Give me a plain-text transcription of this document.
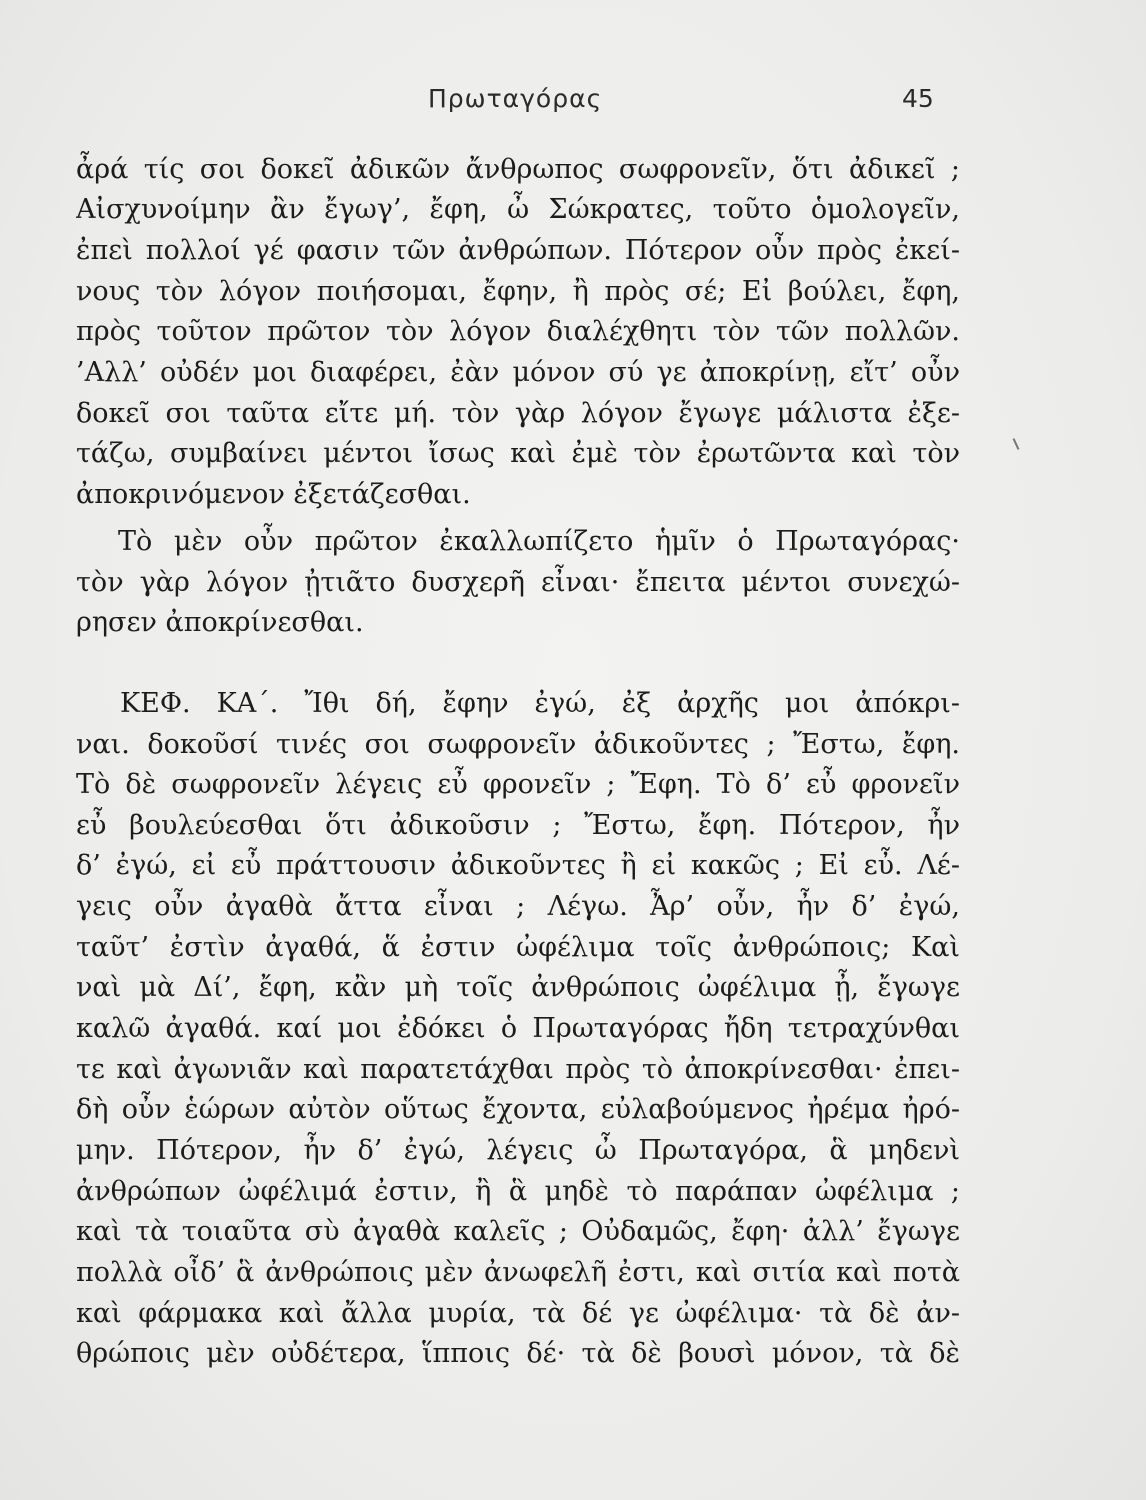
Πρωταγόρας	45
ἆρά τίς σοι δοκεῖ ἀδικῶν ἄνθρωπος σωφρονεῖν, ὅτι ἀδικεῖ ;
Αἰσχυνοίμην ἂν ἔγωγ’, ἔφη, ὦ Σώκρατες, τοῦτο ὁμολογεῖν,
ἐπεὶ πολλοί γέ φασιν τῶν ἀνθρώπων. Πότερον οὖν πρὸς ἐκεί-
νους τὸν λόγον ποιήσομαι, ἔφην, ἢ πρὸς σέ; Εἰ βούλει, ἔφη,
πρὸς τοῦτον πρῶτον τὸν λόγον διαλέχθητι τὸν τῶν πολλῶν.
’Αλλ’ οὐδέν μοι διαφέρει, ἐὰν μόνον σύ γε ἀποκρίνῃ, εἴτ’ οὖν
δοκεῖ σοι ταῦτα εἴτε μή. τὸν γὰρ λόγον ἔγωγε μάλιστα ἐξε-
τάζω, συμβαίνει μέντοι ἴσως καὶ ἐμὲ τὸν ἐρωτῶντα καὶ τὸν
ἀποκρινόμενον ἐξετάζεσθαι.
Τὸ μὲν οὖν πρῶτον ἐκαλλωπίζετο ἡμῖν ὁ Πρωταγόρας·
τὸν γὰρ λόγον ᾐτιᾶτο δυσχερῆ εἶναι· ἔπειτα μέντοι συνεχώ-
ρησεν ἀποκρίνεσθαι.
ΚΕΦ. ΚΑ΄. Ἴθι δή, ἔφην ἐγώ, ἐξ ἀρχῆς μοι ἀπόκρι-
ναι. δοκοῦσί τινές σοι σωφρονεῖν ἀδικοῦντες ; Ἔστω, ἔφη.
Τὸ δὲ σωφρονεῖν λέγεις εὖ φρονεῖν ; Ἔφη. Τὸ δ’ εὖ φρονεῖν
εὖ βουλεύεσθαι ὅτι ἀδικοῦσιν ; Ἔστω, ἔφη. Πότερον, ἦν
δ’ ἐγώ, εἰ εὖ πράττουσιν ἀδικοῦντες ἢ εἰ κακῶς ; Εἰ εὖ. Λέ-
γεις οὖν ἀγαθὰ ἄττα εἶναι ; Λέγω. Ἆρ’ οὖν, ἦν δ’ ἐγώ,
ταῦτ’ ἐστὶν ἀγαθά, ἅ ἐστιν ὠφέλιμα τοῖς ἀνθρώποις; Καὶ
ναὶ μὰ Δί’, ἔφη, κἂν μὴ τοῖς ἀνθρώποις ὠφέλιμα ᾖ, ἔγωγε
καλῶ ἀγαθά. καί μοι ἐδόκει ὁ Πρωταγόρας ἤδη τετραχύνθαι
τε καὶ ἀγωνιᾶν καὶ παρατετάχθαι πρὸς τὸ ἀποκρίνεσθαι· ἐπει-
δὴ οὖν ἑώρων αὐτὸν οὕτως ἔχοντα, εὐλαβούμενος ἠρέμα ἠρό-
μην. Πότερον, ἦν δ’ ἐγώ, λέγεις ὦ Πρωταγόρα, ἃ μηδενὶ
ἀνθρώπων ὠφέλιμά ἐστιν, ἢ ἃ μηδὲ τὸ παράπαν ὠφέλιμα ;
καὶ τὰ τοιαῦτα σὺ ἀγαθὰ καλεῖς ; Οὐδαμῶς, ἔφη· ἀλλ’ ἔγωγε
πολλὰ οἶδ’ ἃ ἀνθρώποις μὲν ἀνωφελῆ ἐστι, καὶ σιτία καὶ ποτὰ
καὶ φάρμακα καὶ ἄλλα μυρία, τὰ δέ γε ὠφέλιμα· τὰ δὲ ἀν-
θρώποις μὲν οὐδέτερα, ἵπποις δέ· τὰ δὲ βουσὶ μόνον, τὰ δὲ
